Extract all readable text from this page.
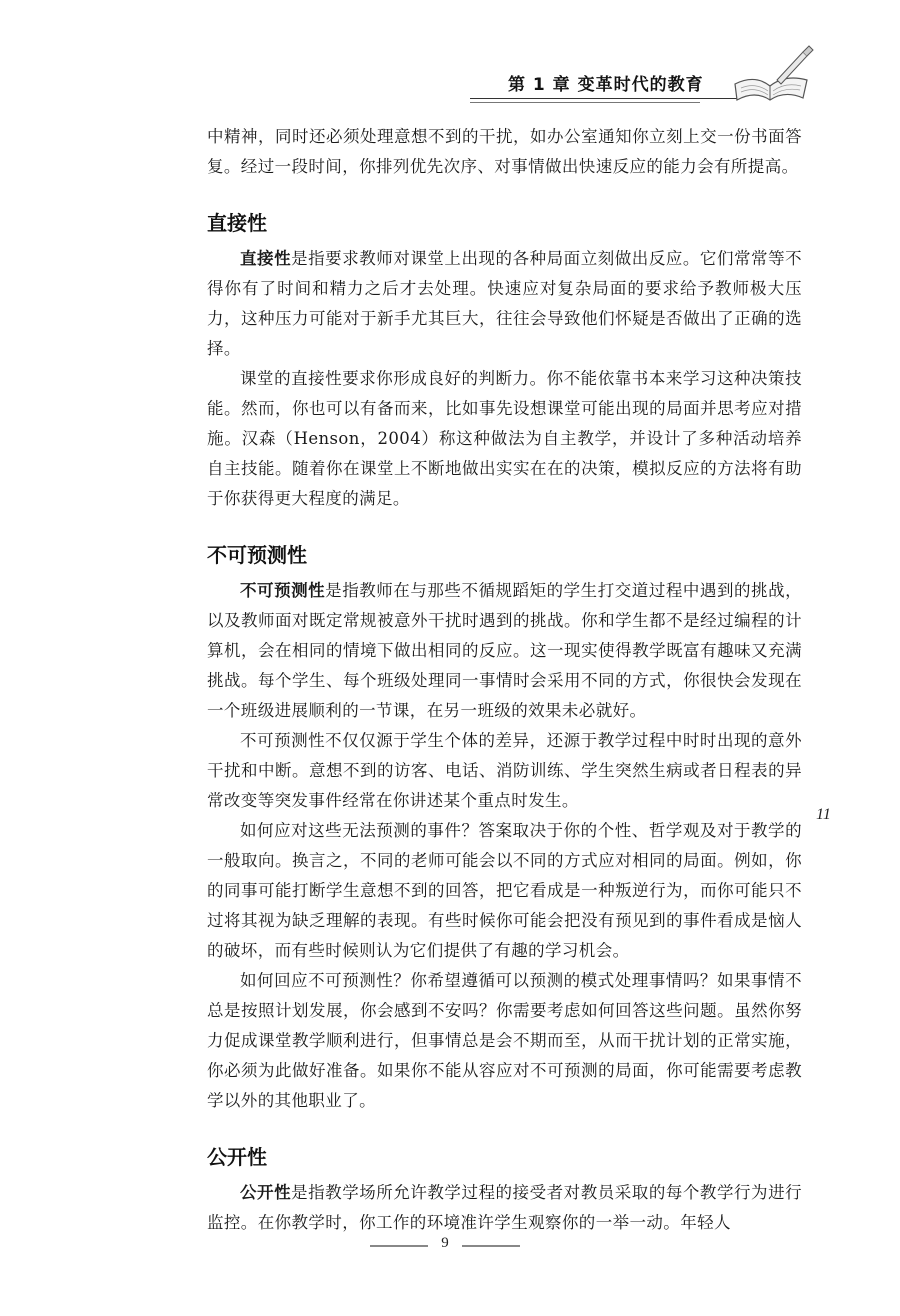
第 1 章 变革时代的教育

中精神，同时还必须处理意想不到的干扰，如办公室通知你立刻上交一份书面答复。经过一段时间，你排列优先次序、对事情做出快速反应的能力会有所提高。

直接性

直接性是指要求教师对课堂上出现的各种局面立刻做出反应。它们常常等不得你有了时间和精力之后才去处理。快速应对复杂局面的要求给予教师极大压力，这种压力可能对于新手尤其巨大，往往会导致他们怀疑是否做出了正确的选择。

课堂的直接性要求你形成良好的判断力。你不能依靠书本来学习这种决策技能。然而，你也可以有备而来，比如事先设想课堂可能出现的局面并思考应对措施。汉森（Henson，2004）称这种做法为自主教学，并设计了多种活动培养自主技能。随着你在课堂上不断地做出实实在在的决策，模拟反应的方法将有助于你获得更大程度的满足。

不可预测性

不可预测性是指教师在与那些不循规蹈矩的学生打交道过程中遇到的挑战，以及教师面对既定常规被意外干扰时遇到的挑战。你和学生都不是经过编程的计算机，会在相同的情境下做出相同的反应。这一现实使得教学既富有趣味又充满挑战。每个学生、每个班级处理同一事情时会采用不同的方式，你很快会发现在一个班级进展顺利的一节课，在另一班级的效果未必就好。

不可预测性不仅仅源于学生个体的差异，还源于教学过程中时时出现的意外干扰和中断。意想不到的访客、电话、消防训练、学生突然生病或者日程表的异常改变等突发事件经常在你讲述某个重点时发生。

如何应对这些无法预测的事件？答案取决于你的个性、哲学观及对于教学的一般取向。换言之，不同的老师可能会以不同的方式应对相同的局面。例如，你的同事可能打断学生意想不到的回答，把它看成是一种叛逆行为，而你可能只不过将其视为缺乏理解的表现。有些时候你可能会把没有预见到的事件看成是恼人的破坏，而有些时候则认为它们提供了有趣的学习机会。

如何回应不可预测性？你希望遵循可以预测的模式处理事情吗？如果事情不总是按照计划发展，你会感到不安吗？你需要考虑如何回答这些问题。虽然你努力促成课堂教学顺利进行，但事情总是会不期而至，从而干扰计划的正常实施，你必须为此做好准备。如果你不能从容应对不可预测的局面，你可能需要考虑教学以外的其他职业了。

公开性

公开性是指教学场所允许教学过程的接受者对教员采取的每个教学行为进行监控。在你教学时，你工作的环境准许学生观察你的一举一动。年轻人

11
9
